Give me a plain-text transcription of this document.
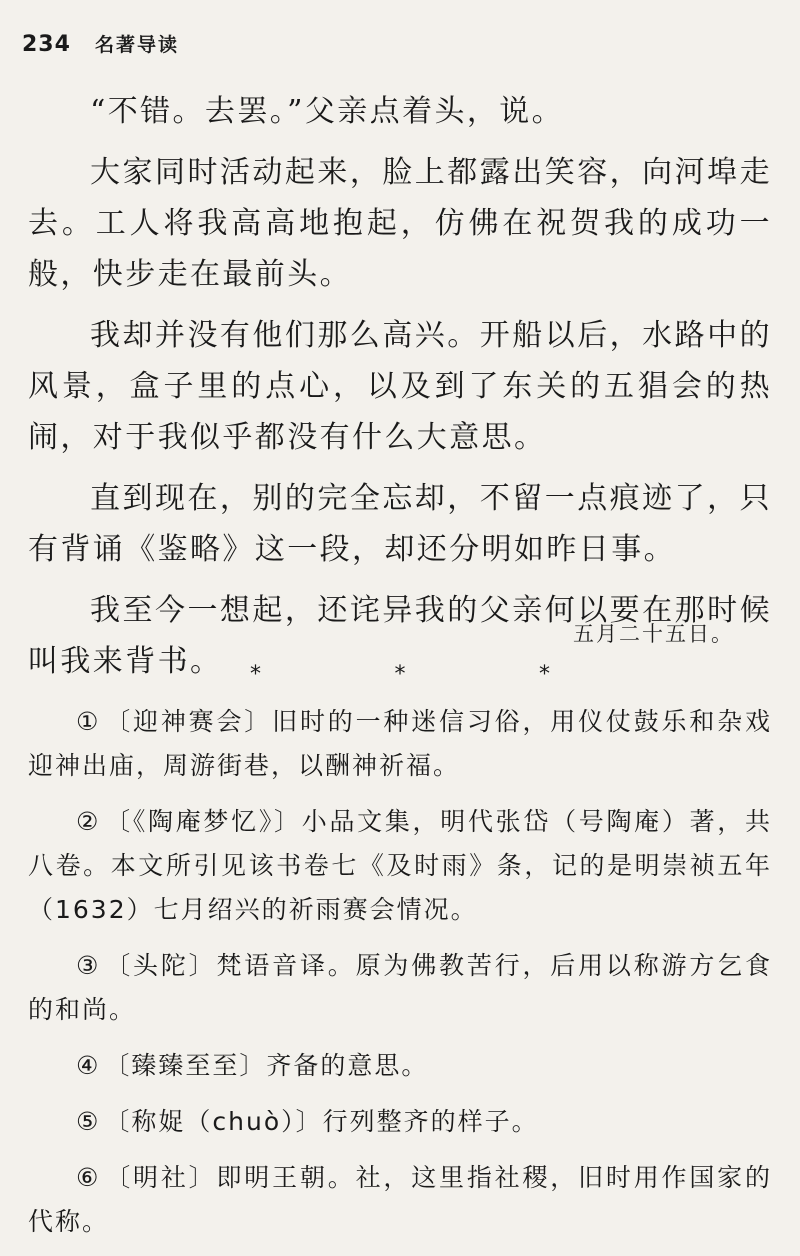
234 名著导读

“不错。去罢。”父亲点着头，说。

大家同时活动起来，脸上都露出笑容，向河埠走去。工人将我高高地抱起，仿佛在祝贺我的成功一般，快步走在最前头。

我却并没有他们那么高兴。开船以后，水路中的风景，盒子里的点心，以及到了东关的五猖会的热闹，对于我似乎都没有什么大意思。

直到现在，别的完全忘却，不留一点痕迹了，只有背诵《鉴略》这一段，却还分明如昨日事。

我至今一想起，还诧异我的父亲何以要在那时候叫我来背书。

五月二十五日。
*	*	*

① 〔迎神赛会〕旧时的一种迷信习俗，用仪仗鼓乐和杂戏迎神出庙，周游街巷，以酬神祈福。

② 〔《陶庵梦忆》〕小品文集，明代张岱（号陶庵）著，共八卷。本文所引见该书卷七《及时雨》条，记的是明崇祯五年（1632）七月绍兴的祈雨赛会情况。

③ 〔头陀〕梵语音译。原为佛教苦行，后用以称游方乞食的和尚。

④ 〔臻臻至至〕齐备的意思。

⑤ 〔称娖（chuò）〕行列整齐的样子。

⑥ 〔明社〕即明王朝。社，这里指社稷，旧时用作国家的代称。
